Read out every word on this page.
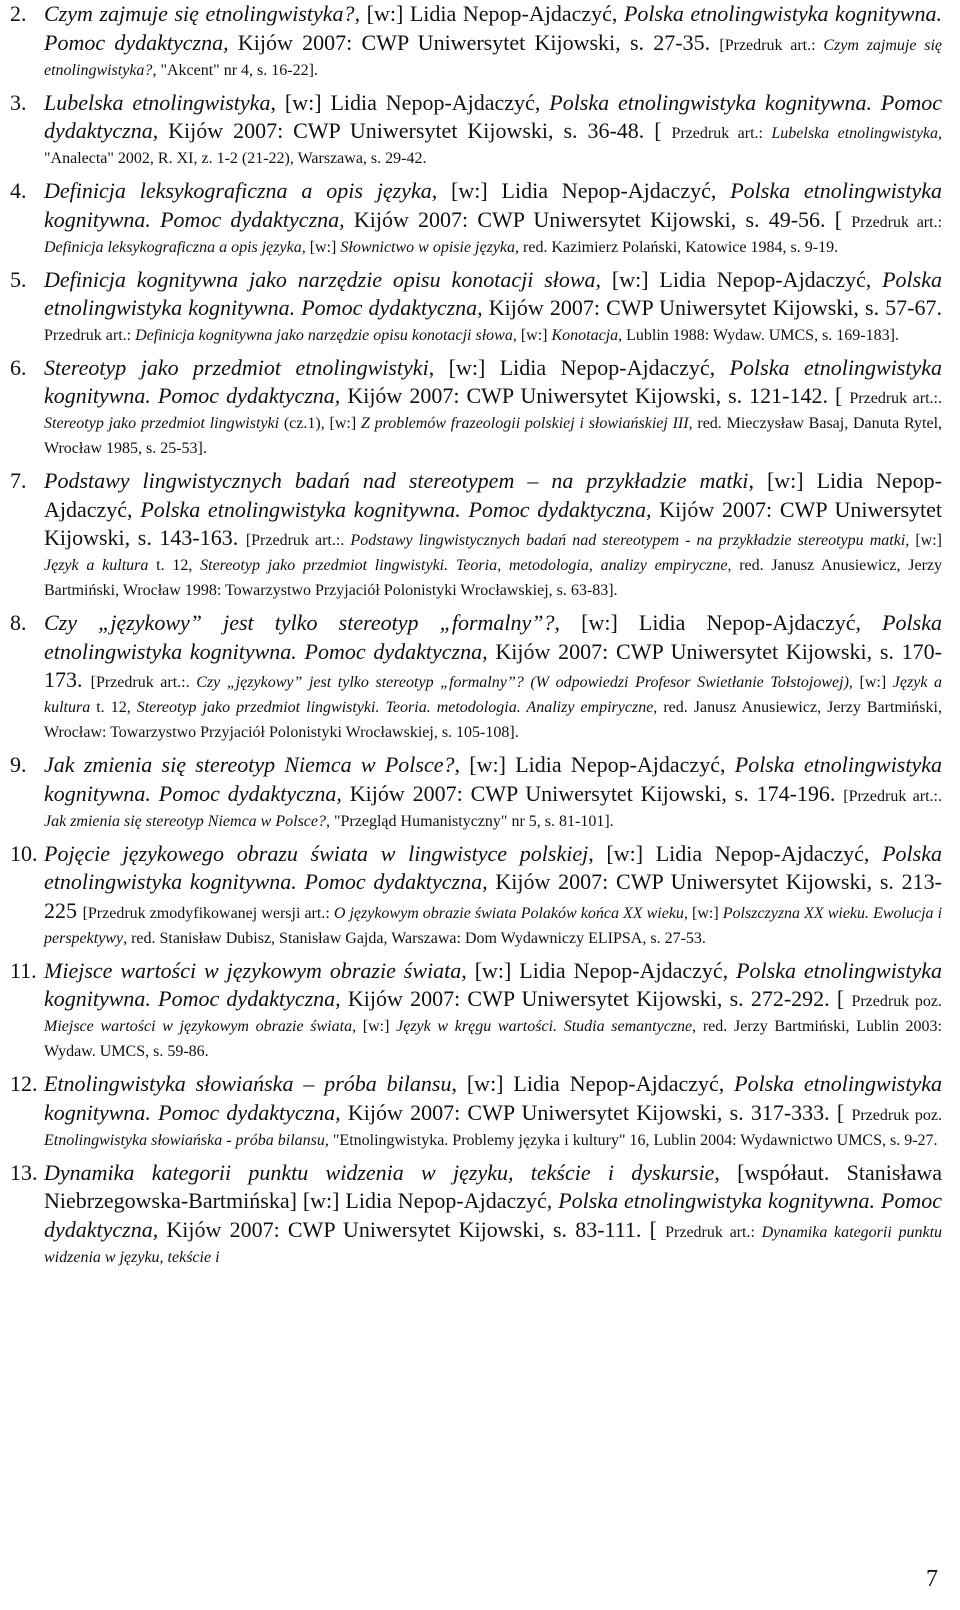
2. Czym zajmuje się etnolingwistyka?, [w:] Lidia Nepop-Ajdaczyć, Polska etnolingwistyka kognitywna. Pomoc dydaktyczna, Kijów 2007: CWP Uniwersytet Kijowski, s. 27-35. [Przedruk art.: Czym zajmuje się etnolingwistyka?, "Akcent" nr 4, s. 16-22].
3. Lubelska etnolingwistyka, [w:] Lidia Nepop-Ajdaczyć, Polska etnolingwistyka kognitywna. Pomoc dydaktyczna, Kijów 2007: CWP Uniwersytet Kijowski, s. 36-48. [ Przedruk art.: Lubelska etnolingwistyka, "Analecta" 2002, R. XI, z. 1-2 (21-22), Warszawa, s. 29-42.
4. Definicja leksykograficzna a opis języka, [w:] Lidia Nepop-Ajdaczyć, Polska etnolingwistyka kognitywna. Pomoc dydaktyczna, Kijów 2007: CWP Uniwersytet Kijowski, s. 49-56. [ Przedruk art.: Definicja leksykograficzna a opis języka, [w:] Słownictwo w opisie języka, red. Kazimierz Polański, Katowice 1984, s. 9-19.
5. Definicja kognitywna jako narzędzie opisu konotacji słowa, [w:] Lidia Nepop-Ajdaczyć, Polska etnolingwistyka kognitywna. Pomoc dydaktyczna, Kijów 2007: CWP Uniwersytet Kijowski, s. 57-67. Przedruk art.: Definicja kognitywna jako narzędzie opisu konotacji słowa, [w:] Konotacja, Lublin 1988: Wydaw. UMCS, s. 169-183].
6. Stereotyp jako przedmiot etnolingwistyki, [w:] Lidia Nepop-Ajdaczyć, Polska etnolingwistyka kognitywna. Pomoc dydaktyczna, Kijów 2007: CWP Uniwersytet Kijowski, s. 121-142. [ Przedruk art.:. Stereotyp jako przedmiot lingwistyki (cz.1), [w:] Z problemów frazeologii polskiej i słowiańskiej III, red. Mieczysław Basaj, Danuta Rytel, Wrocław 1985, s. 25-53].
7. Podstawy lingwistycznych badań nad stereotypem – na przykładzie matki, [w:] Lidia Nepop-Ajdaczyć, Polska etnolingwistyka kognitywna. Pomoc dydaktyczna, Kijów 2007: CWP Uniwersytet Kijowski, s. 143-163. [Przedruk art.:. Podstawy lingwistycznych badań nad stereotypem - na przykładzie stereotypu matki, [w:] Język a kultura t. 12, Stereotyp jako przedmiot lingwistyki. Teoria, metodologia, analizy empiryczne, red. Janusz Anusiewicz, Jerzy Bartmiński, Wrocław 1998: Towarzystwo Przyjaciół Polonistyki Wrocławskiej, s. 63-83].
8. Czy „językowy” jest tylko stereotyp „formalny”?, [w:] Lidia Nepop-Ajdaczyć, Polska etnolingwistyka kognitywna. Pomoc dydaktyczna, Kijów 2007: CWP Uniwersytet Kijowski, s. 170-173. [Przedruk art.:. Czy „językowy” jest tylko stereotyp „formalny”? (W odpowiedzi Profesor Swietłanie Tołstojowej), [w:] Język a kultura t. 12, Stereotyp jako przedmiot lingwistyki. Teoria. metodologia. Analizy empiryczne, red. Janusz Anusiewicz, Jerzy Bartmiński, Wrocław: Towarzystwo Przyjaciół Polonistyki Wrocławskiej, s. 105-108].
9. Jak zmienia się stereotyp Niemca w Polsce?, [w:] Lidia Nepop-Ajdaczyć, Polska etnolingwistyka kognitywna. Pomoc dydaktyczna, Kijów 2007: CWP Uniwersytet Kijowski, s. 174-196. [Przedruk art.:. Jak zmienia się stereotyp Niemca w Polsce?, "Przegląd Humanistyczny" nr 5, s. 81-101].
10. Pojęcie językowego obrazu świata w lingwistyce polskiej, [w:] Lidia Nepop-Ajdaczyć, Polska etnolingwistyka kognitywna. Pomoc dydaktyczna, Kijów 2007: CWP Uniwersytet Kijowski, s. 213-225 [Przedruk zmodyfikowanej wersji art.: O językowym obrazie świata Polaków końca XX wieku, [w:] Polszczyzna XX wieku. Ewolucja i perspektywy, red. Stanisław Dubisz, Stanisław Gajda, Warszawa: Dom Wydawniczy ELIPSA, s. 27-53.
11. Miejsce wartości w językowym obrazie świata, [w:] Lidia Nepop-Ajdaczyć, Polska etnolingwistyka kognitywna. Pomoc dydaktyczna, Kijów 2007: CWP Uniwersytet Kijowski, s. 272-292. [ Przedruk poz. Miejsce wartości w językowym obrazie świata, [w:] Język w kręgu wartości. Studia semantyczne, red. Jerzy Bartmiński, Lublin 2003: Wydaw. UMCS, s. 59-86.
12. Etnolingwistyka słowiańska – próba bilansu, [w:] Lidia Nepop-Ajdaczyć, Polska etnolingwistyka kognitywna. Pomoc dydaktyczna, Kijów 2007: CWP Uniwersytet Kijowski, s. 317-333. [ Przedruk poz. Etnolingwistyka słowiańska - próba bilansu, "Etnolingwistyka. Problemy języka i kultury" 16, Lublin 2004: Wydawnictwo UMCS, s. 9-27.
13. Dynamika kategorii punktu widzenia w języku, tekście i dyskursie, [współaut. Stanisława Niebrzegowska-Bartmińska] [w:] Lidia Nepop-Ajdaczyć, Polska etnolingwistyka kognitywna. Pomoc dydaktyczna, Kijów 2007: CWP Uniwersytet Kijowski, s. 83-111. [ Przedruk art.: Dynamika kategorii punktu widzenia w języku, tekście i
7
